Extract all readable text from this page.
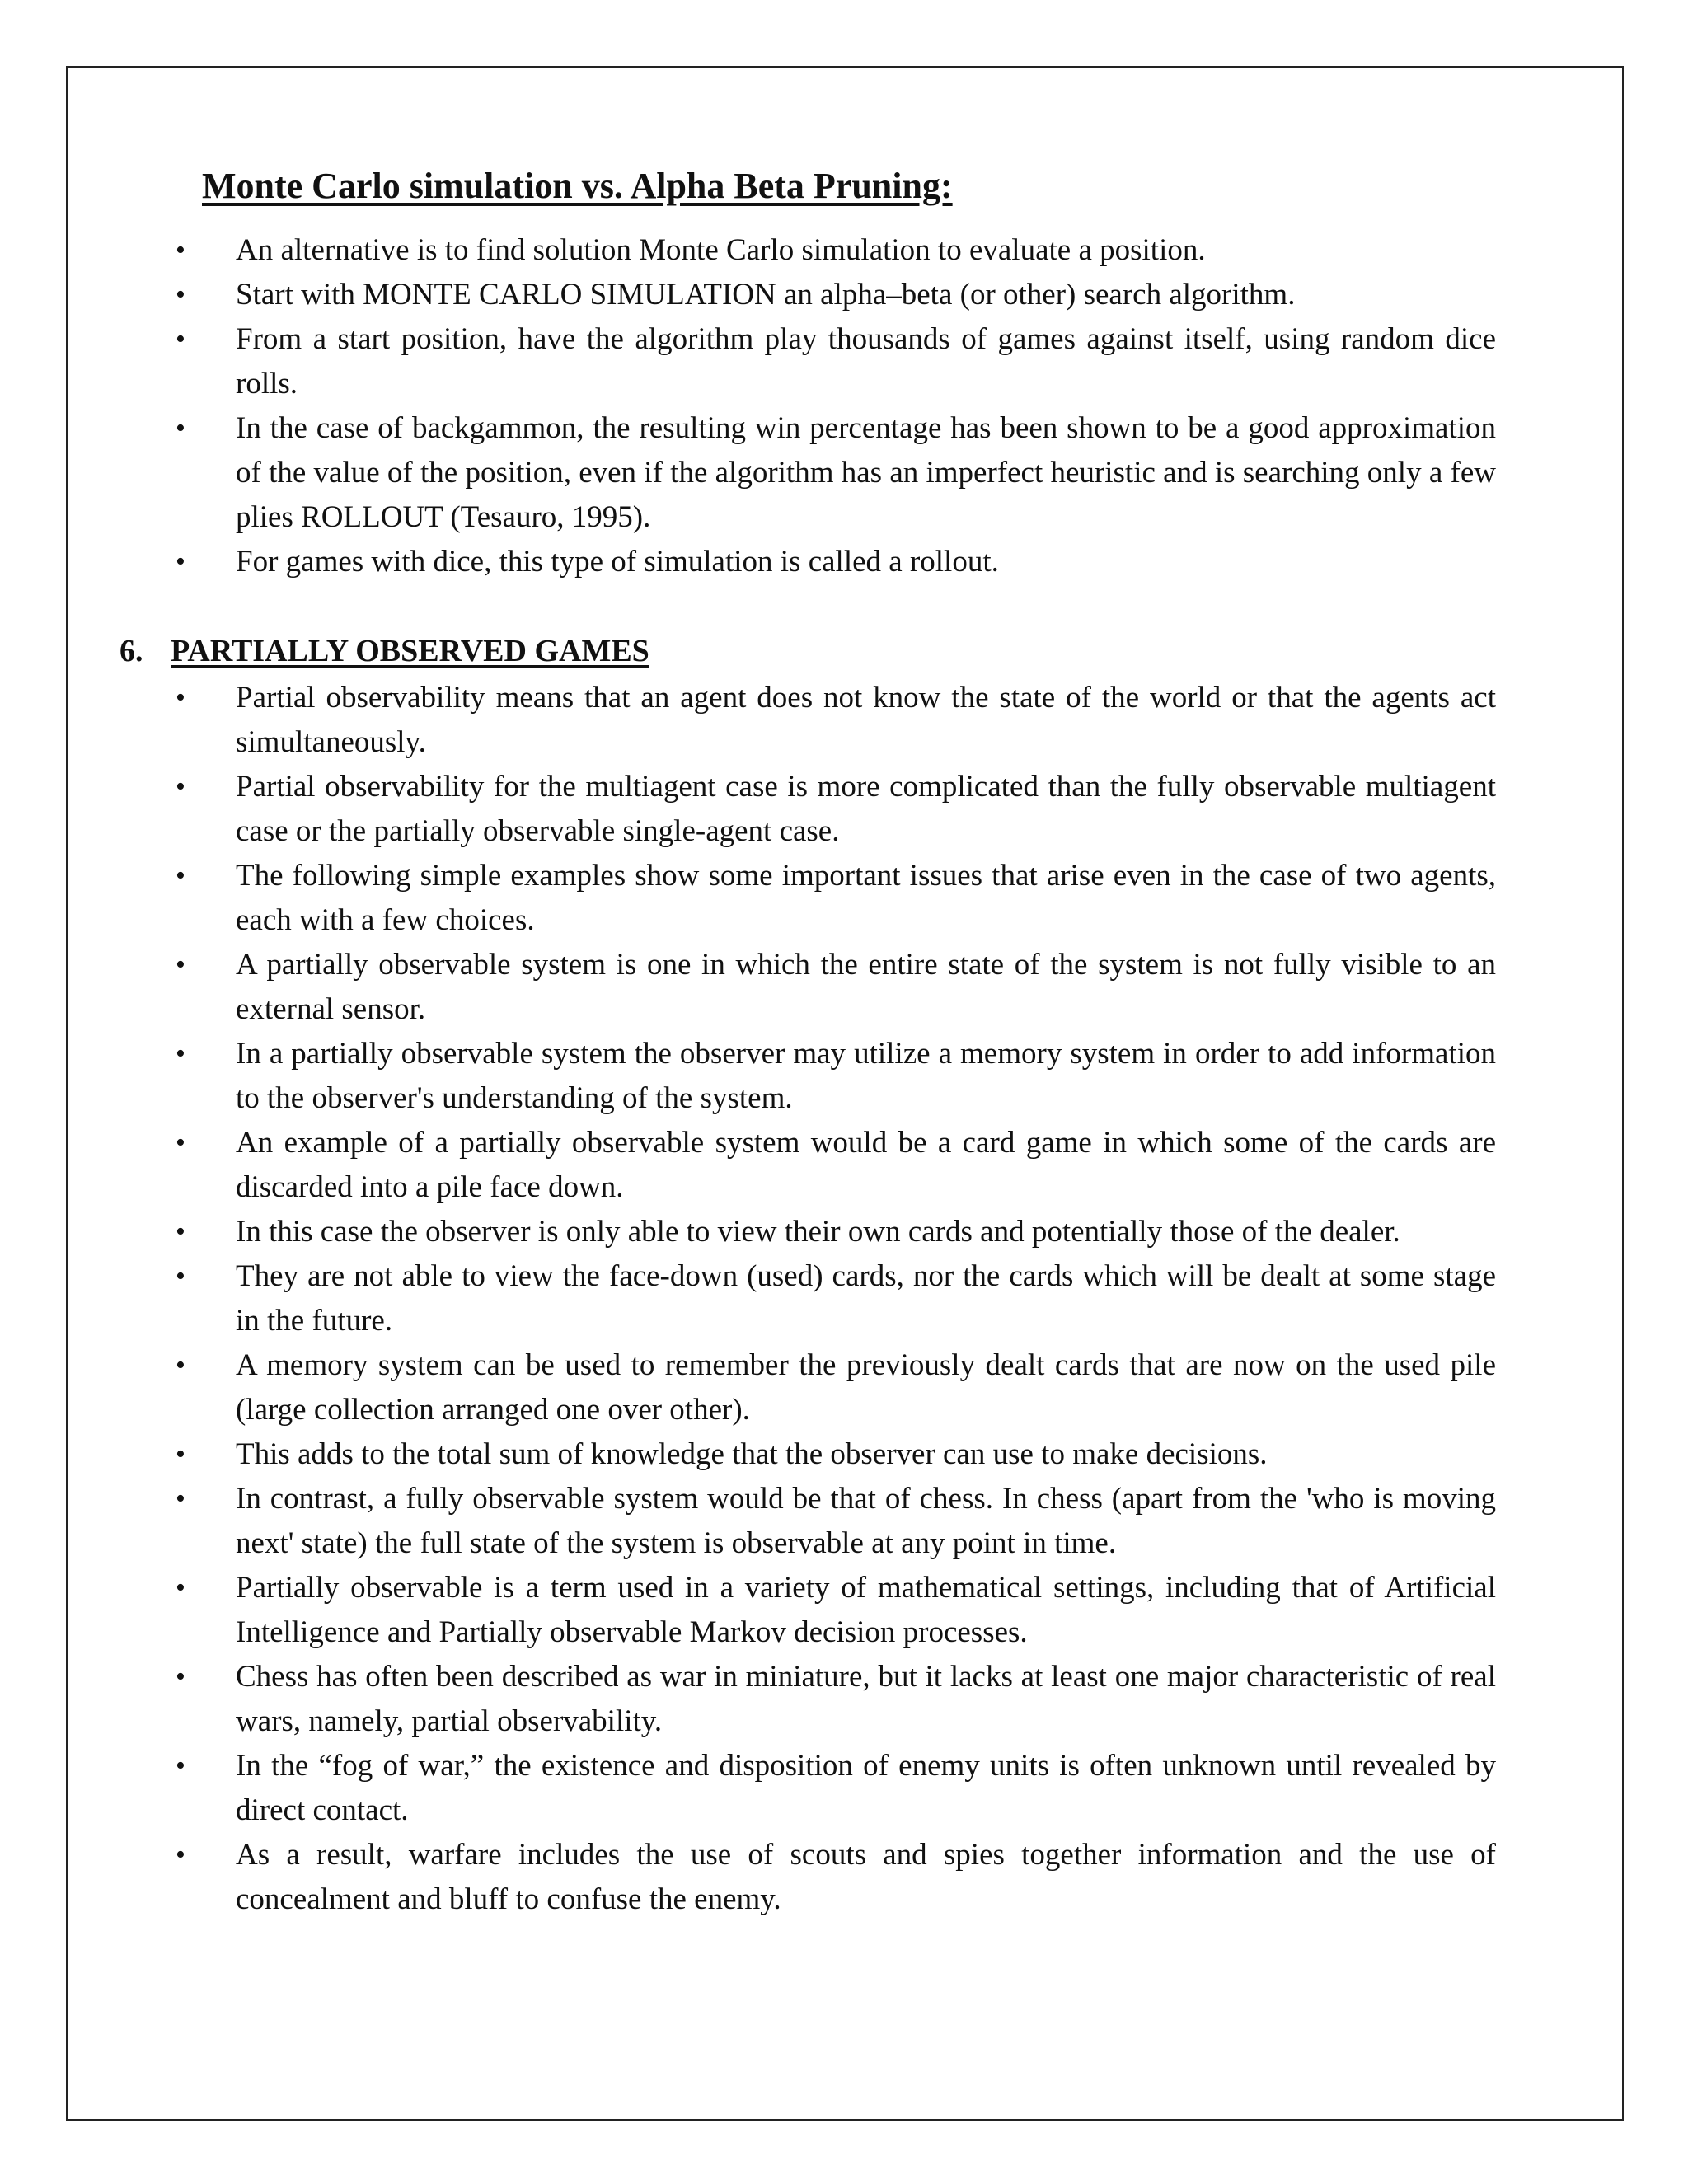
Monte Carlo simulation vs. Alpha Beta Pruning:
• An alternative is to find solution Monte Carlo simulation to evaluate a position.
• Start with MONTE CARLO SIMULATION an alpha–beta (or other) search algorithm.
• From a start position, have the algorithm play thousands of games against itself, using random dice rolls.
• In the case of backgammon, the resulting win percentage has been shown to be a good approximation of the value of the position, even if the algorithm has an imperfect heuristic and is searching only a few plies ROLLOUT (Tesauro, 1995).
• For games with dice, this type of simulation is called a rollout.
6. PARTIALLY OBSERVED GAMES
• Partial observability means that an agent does not know the state of the world or that the agents act simultaneously.
• Partial observability for the multiagent case is more complicated than the fully observable multiagent case or the partially observable single-agent case.
• The following simple examples show some important issues that arise even in the case of two agents, each with a few choices.
• A partially observable system is one in which the entire state of the system is not fully visible to an external sensor.
• In a partially observable system the observer may utilize a memory system in order to add information to the observer's understanding of the system.
• An example of a partially observable system would be a card game in which some of the cards are discarded into a pile face down.
• In this case the observer is only able to view their own cards and potentially those of the dealer.
• They are not able to view the face-down (used) cards, nor the cards which will be dealt at some stage in the future.
• A memory system can be used to remember the previously dealt cards that are now on the used pile (large collection arranged one over other).
• This adds to the total sum of knowledge that the observer can use to make decisions.
• In contrast, a fully observable system would be that of chess. In chess (apart from the 'who is moving next' state) the full state of the system is observable at any point in time.
• Partially observable is a term used in a variety of mathematical settings, including that of Artificial Intelligence and Partially observable Markov decision processes.
• Chess has often been described as war in miniature, but it lacks at least one major characteristic of real wars, namely, partial observability.
• In the “fog of war,” the existence and disposition of enemy units is often unknown until revealed by direct contact.
• As a result, warfare includes the use of scouts and spies together information and the use of concealment and bluff to confuse the enemy.
